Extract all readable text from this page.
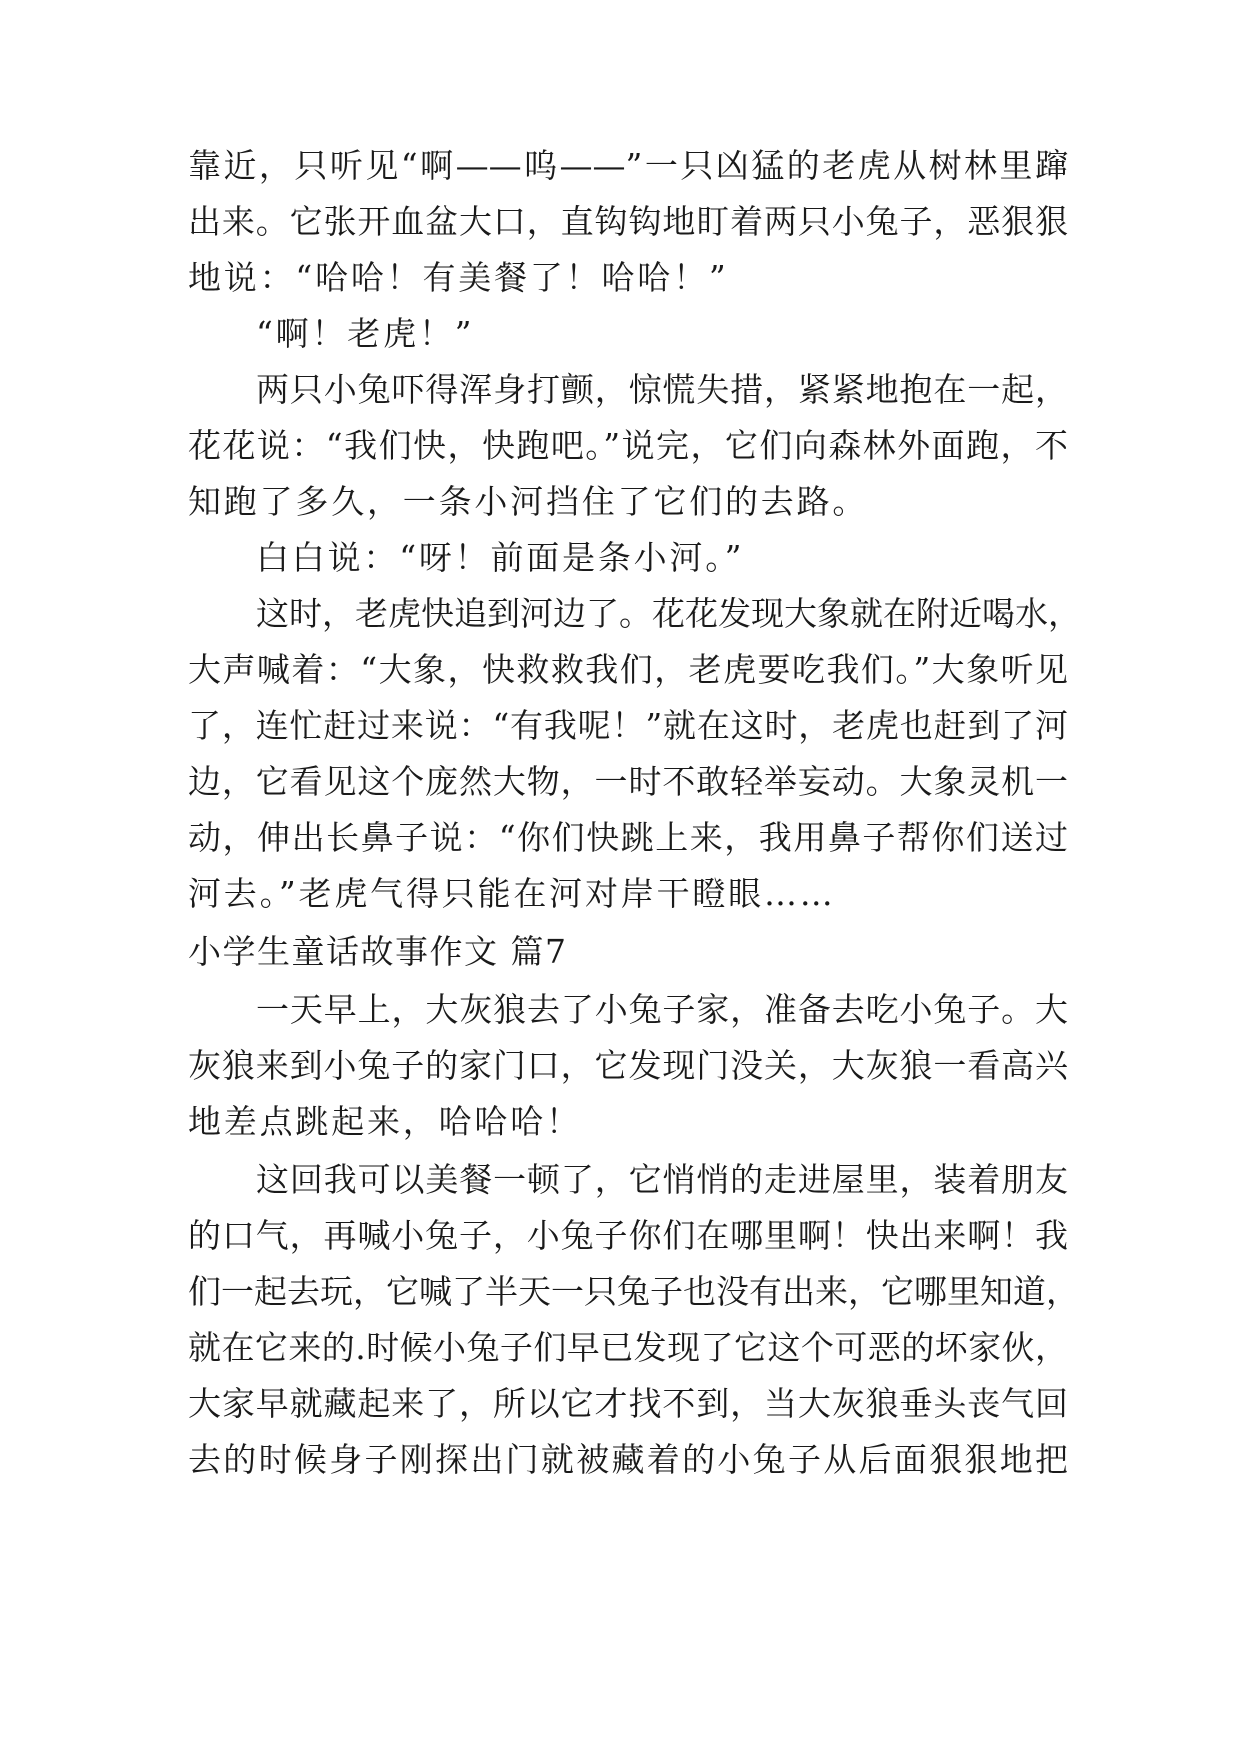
靠近，只听见“啊——呜——”一只凶猛的老虎从树林里蹿
出来。它张开血盆大口，直钩钩地盯着两只小兔子，恶狠狠
地说：“哈哈！有美餐了！哈哈！”
“啊！老虎！”
两只小兔吓得浑身打颤，惊慌失措，紧紧地抱在一起，
花花说：“我们快，快跑吧。”说完，它们向森林外面跑，不
知跑了多久，一条小河挡住了它们的去路。
白白说：“呀！前面是条小河。”
这时，老虎快追到河边了。花花发现大象就在附近喝水，
大声喊着：“大象，快救救我们，老虎要吃我们。”大象听见
了，连忙赶过来说：“有我呢！”就在这时，老虎也赶到了河
边，它看见这个庞然大物，一时不敢轻举妄动。大象灵机一
动，伸出长鼻子说：“你们快跳上来，我用鼻子帮你们送过
河去。”老虎气得只能在河对岸干瞪眼……
小学生童话故事作文 篇7
一天早上，大灰狼去了小兔子家，准备去吃小兔子。大
灰狼来到小兔子的家门口，它发现门没关，大灰狼一看高兴
地差点跳起来，哈哈哈！
这回我可以美餐一顿了，它悄悄的走进屋里，装着朋友
的口气，再喊小兔子，小兔子你们在哪里啊！快出来啊！我
们一起去玩，它喊了半天一只兔子也没有出来，它哪里知道，
就在它来的.时候小兔子们早已发现了它这个可恶的坏家伙，
大家早就藏起来了，所以它才找不到，当大灰狼垂头丧气回
去的时候身子刚探出门就被藏着的小兔子从后面狠狠地把
